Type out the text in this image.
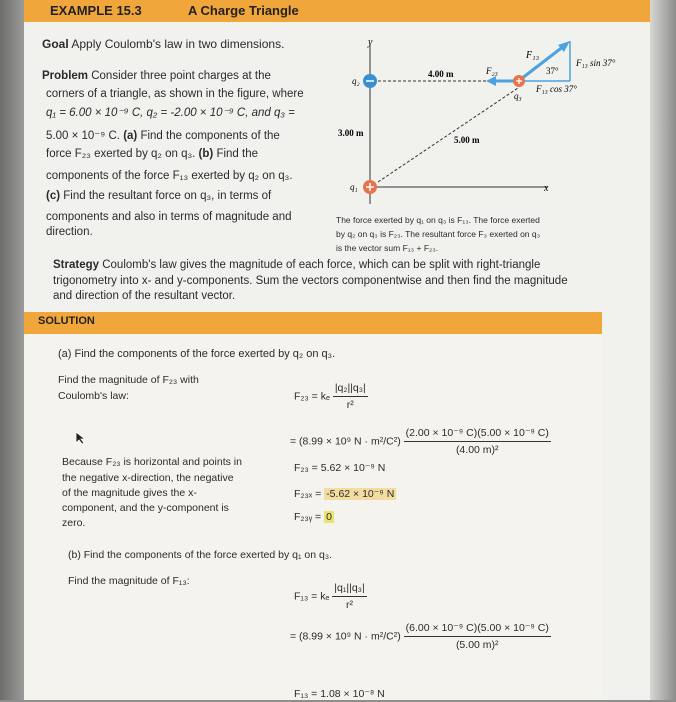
EXAMPLE 15.3	A Charge Triangle
Goal Apply Coulomb's law in two dimensions.
Problem Consider three point charges at the
corners of a triangle, as shown in the figure, where
q₁ = 6.00 × 10⁻⁹ C, q₂ = -2.00 × 10⁻⁹ C, and q₃ =
5.00 × 10⁻⁹ C. (a) Find the components of the
force F₂₃ exerted by q₂ on q₃. (b) Find the
components of the force F₁₃ exerted by q₂ on q₃.
(c) Find the resultant force on q₃, in terms of
components and also in terms of magnitude and
direction.
y
x
q₂
q₁
q₃
4.00 m
3.00 m
5.00 m
F₁₃
F₂₃	37°
F₁₃ sin 37°
F₁₃ cos 37°
The force exerted by q₁ on q₃ is F₁₃. The force exerted
by q₂ on q₃ is F₂₃. The resultant force F₃ exerted on q₃
is the vector sum F₁₃ + F₂₃.
Strategy Coulomb's law gives the magnitude of each force, which can be split with right-triangle
trigonometry into x- and y-components. Sum the vectors componentwise and then find the magnitude
and direction of the resultant vector.
SOLUTION
(a) Find the components of the force exerted by q₂ on q₃.
Find the magnitude of F₂₃ with
Coulomb's law:	F₂₃ = kₑ $\frac{\text{|q₂||q₃|}}{\text{r²}}$
= (8.99 × 10⁹ $N \cdot m^2/C^2) \frac{\text{(2.00 × 10⁻⁹ C)(5.00 × 10⁻⁹ C)}}{\text{(4.00 m)²}}$
Because F₂₃ is horizontal and points in
the negative x-direction, the negative
of the magnitude gives the x-
component, and the y-component is
zero.
F₂₃ = 5.62 × 10⁻⁹ N
F₂₃ₓ = -5.62 × 10⁻⁹ N
F₂₃ᵧ = 0
(b) Find the components of the force exerted by q₁ on q₃.
Find the magnitude of F₁₃:
F₁₃ = kₑ $\frac{\text{|q₁||q₃|}}{\text{r²}}$
= (8.99 × 10⁹ $N \cdot m^2/C^2) \frac{\text{(6.00 × 10⁻⁹ C)(5.00 × 10⁻⁹ C)}}{\text{(5.00 m)²}}$
F₁₃ = 1.08 × 10⁻⁸ N
